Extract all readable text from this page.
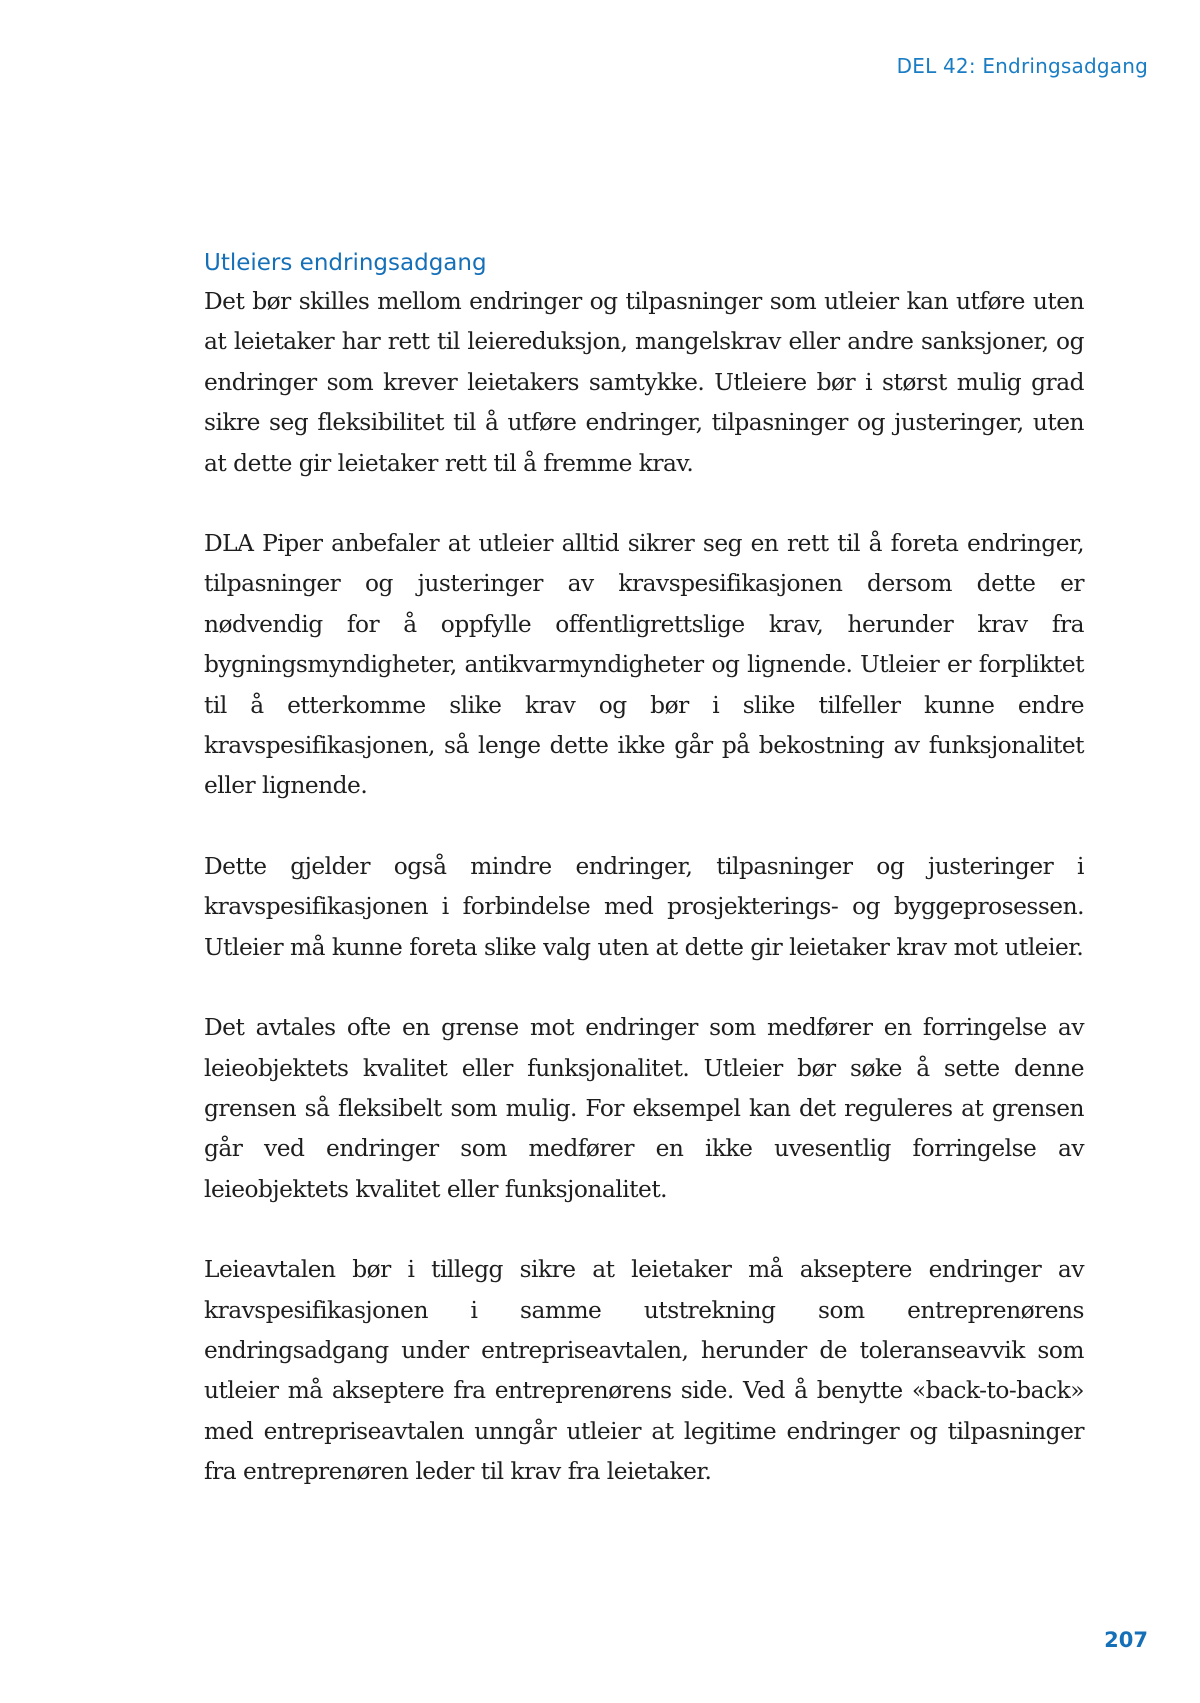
DEL 42: Endringsadgang
Utleiers endringsadgang

Det bør skilles mellom endringer og tilpasninger som utleier kan utføre uten at leietaker har rett til leiereduksjon, mangelskrav eller andre sanksjoner, og endringer som krever leietakers samtykke. Utleiere bør i størst mulig grad sikre seg fleksibilitet til å utføre endringer, tilpasninger og justeringer, uten at dette gir leietaker rett til å fremme krav.

DLA Piper anbefaler at utleier alltid sikrer seg en rett til å foreta endringer, tilpasninger og justeringer av kravspesifikasjonen dersom dette er nødvendig for å oppfylle offentligrettslige krav, herunder krav fra bygningsmyndigheter, antikvarmyndigheter og lignende. Utleier er forpliktet til å etterkomme slike krav og bør i slike tilfeller kunne endre kravspesifikasjonen, så lenge dette ikke går på bekostning av funksjonalitet eller lignende.

Dette gjelder også mindre endringer, tilpasninger og justeringer i kravspesifikasjonen i forbindelse med prosjekterings- og byggeprosessen. Utleier må kunne foreta slike valg uten at dette gir leietaker krav mot utleier.

Det avtales ofte en grense mot endringer som medfører en forringelse av leieobjektets kvalitet eller funksjonalitet. Utleier bør søke å sette denne grensen så fleksibelt som mulig. For eksempel kan det reguleres at grensen går ved endringer som medfører en ikke uvesentlig forringelse av leieobjektets kvalitet eller funksjonalitet.

Leieavtalen bør i tillegg sikre at leietaker må akseptere endringer av kravspesifikasjonen i samme utstrekning som entreprenørens endringsadgang under entrepriseavtalen, herunder de toleranseavvik som utleier må akseptere fra entreprenørens side. Ved å benytte «back-to-back» med entrepriseavtalen unngår utleier at legitime endringer og tilpasninger fra entreprenøren leder til krav fra leietaker.

207
